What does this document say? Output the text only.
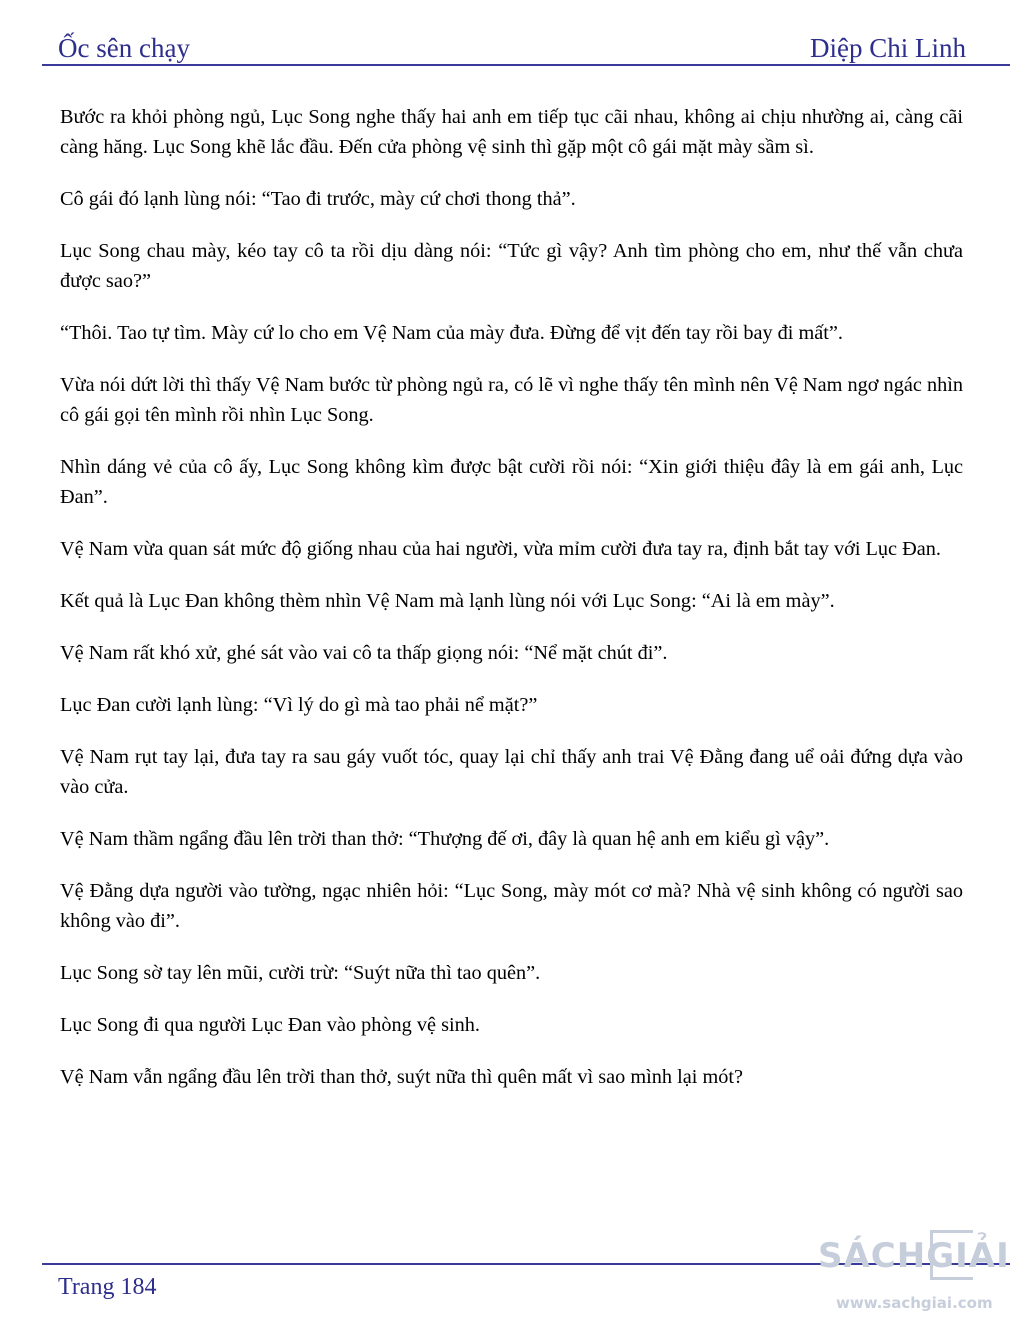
Ốc sên chạy	Diệp Chi Linh

Bước ra khỏi phòng ngủ, Lục Song nghe thấy hai anh em tiếp tục cãi nhau, không ai chịu nhường ai, càng cãi càng hăng. Lục Song khẽ lắc đầu. Đến cửa phòng vệ sinh thì gặp một cô gái mặt mày sầm sì.

Cô gái đó lạnh lùng nói: “Tao đi trước, mày cứ chơi thong thả”.

Lục Song chau mày, kéo tay cô ta rồi dịu dàng nói: “Tức gì vậy? Anh tìm phòng cho em, như thế vẫn chưa được sao?”

“Thôi. Tao tự tìm. Mày cứ lo cho em Vệ Nam của mày đưa. Đừng để vịt đến tay rồi bay đi mất”.

Vừa nói dứt lời thì thấy Vệ Nam bước từ phòng ngủ ra, có lẽ vì nghe thấy tên mình nên Vệ Nam ngơ ngác nhìn cô gái gọi tên mình rồi nhìn Lục Song.

Nhìn dáng vẻ của cô ấy, Lục Song không kìm được bật cười rồi nói: “Xin giới thiệu đây là em gái anh, Lục Đan”.

Vệ Nam vừa quan sát mức độ giống nhau của hai người, vừa mỉm cười đưa tay ra, định bắt tay với Lục Đan.

Kết quả là Lục Đan không thèm nhìn Vệ Nam mà lạnh lùng nói với Lục Song: “Ai là em mày”.

Vệ Nam rất khó xử, ghé sát vào vai cô ta thấp giọng nói: “Nể mặt chút đi”.

Lục Đan cười lạnh lùng: “Vì lý do gì mà tao phải nể mặt?”

Vệ Nam rụt tay lại, đưa tay ra sau gáy vuốt tóc, quay lại chỉ thấy anh trai Vệ Đằng đang uể oải đứng dựa vào vào cửa.

Vệ Nam thầm ngẩng đầu lên trời than thở: “Thượng đế ơi, đây là quan hệ anh em kiểu gì vậy”.

Vệ Đằng dựa người vào tường, ngạc nhiên hỏi: “Lục Song, mày mót cơ mà? Nhà vệ sinh không có người sao không vào đi”.

Lục Song sờ tay lên mũi, cười trừ: “Suýt nữa thì tao quên”.

Lục Song đi qua người Lục Đan vào phòng vệ sinh.

Vệ Nam vẫn ngẩng đầu lên trời than thở, suýt nữa thì quên mất vì sao mình lại mót?

Trang 184
SÁCHGIẢI
www.sachgiai.com
